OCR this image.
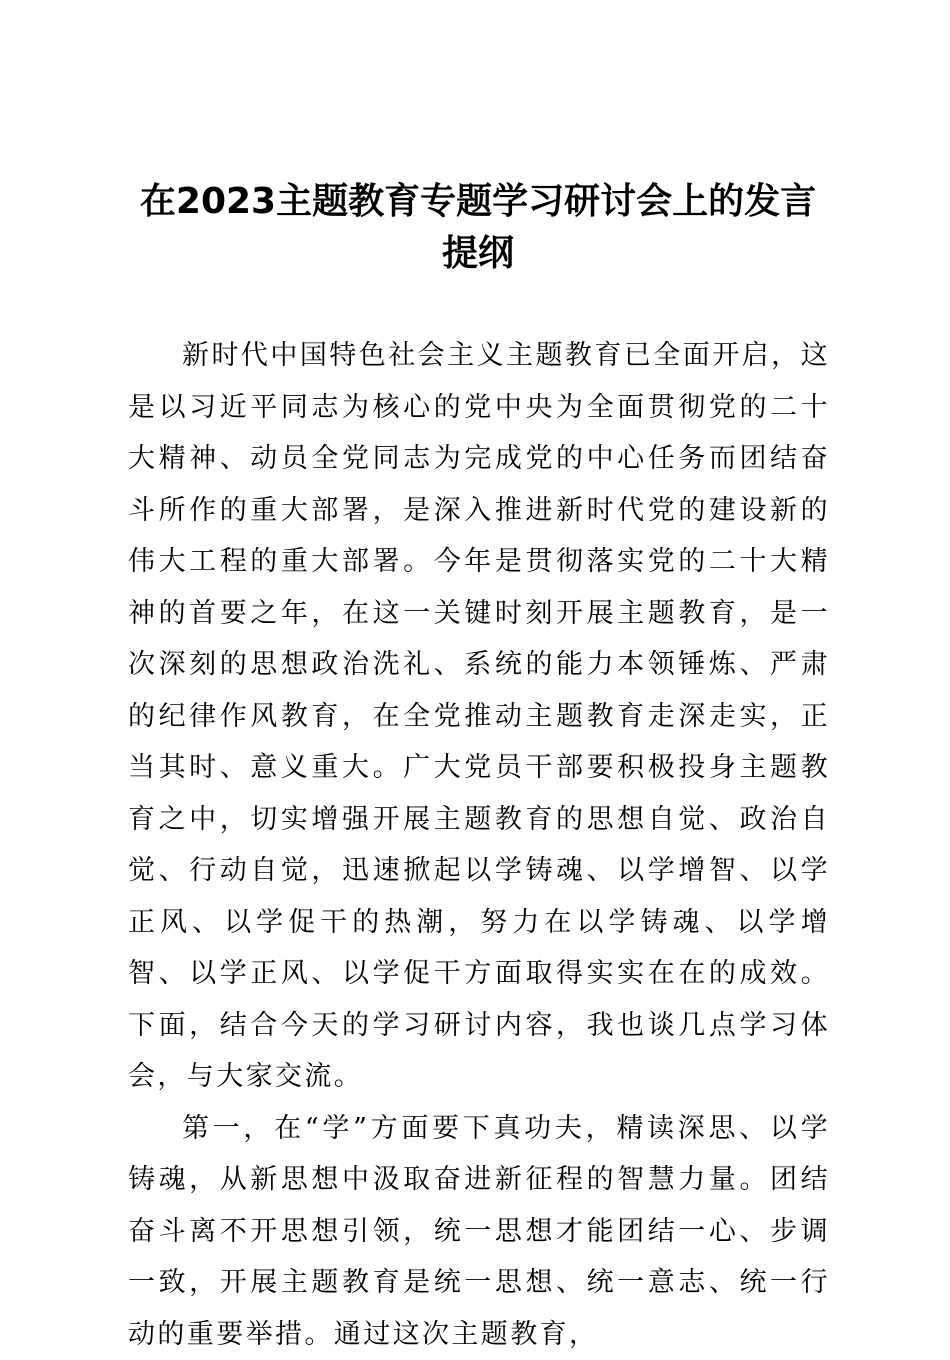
在2023主题教育专题学习研讨会上的发言提纲

新时代中国特色社会主义主题教育已全面开启，这是以习近平同志为核心的党中央为全面贯彻党的二十大精神、动员全党同志为完成党的中心任务而团结奋斗所作的重大部署，是深入推进新时代党的建设新的伟大工程的重大部署。今年是贯彻落实党的二十大精神的首要之年，在这一关键时刻开展主题教育，是一次深刻的思想政治洗礼、系统的能力本领锤炼、严肃的纪律作风教育，在全党推动主题教育走深走实，正当其时、意义重大。广大党员干部要积极投身主题教育之中，切实增强开展主题教育的思想自觉、政治自觉、行动自觉，迅速掀起以学铸魂、以学增智、以学正风、以学促干的热潮，努力在以学铸魂、以学增智、以学正风、以学促干方面取得实实在在的成效。下面，结合今天的学习研讨内容，我也谈几点学习体会，与大家交流。

第一，在“学”方面要下真功夫，精读深思、以学铸魂，从新思想中汲取奋进新征程的智慧力量。团结奋斗离不开思想引领，统一思想才能团结一心、步调一致，开展主题教育是统一思想、统一意志、统一行动的重要举措。通过这次主题教育，
